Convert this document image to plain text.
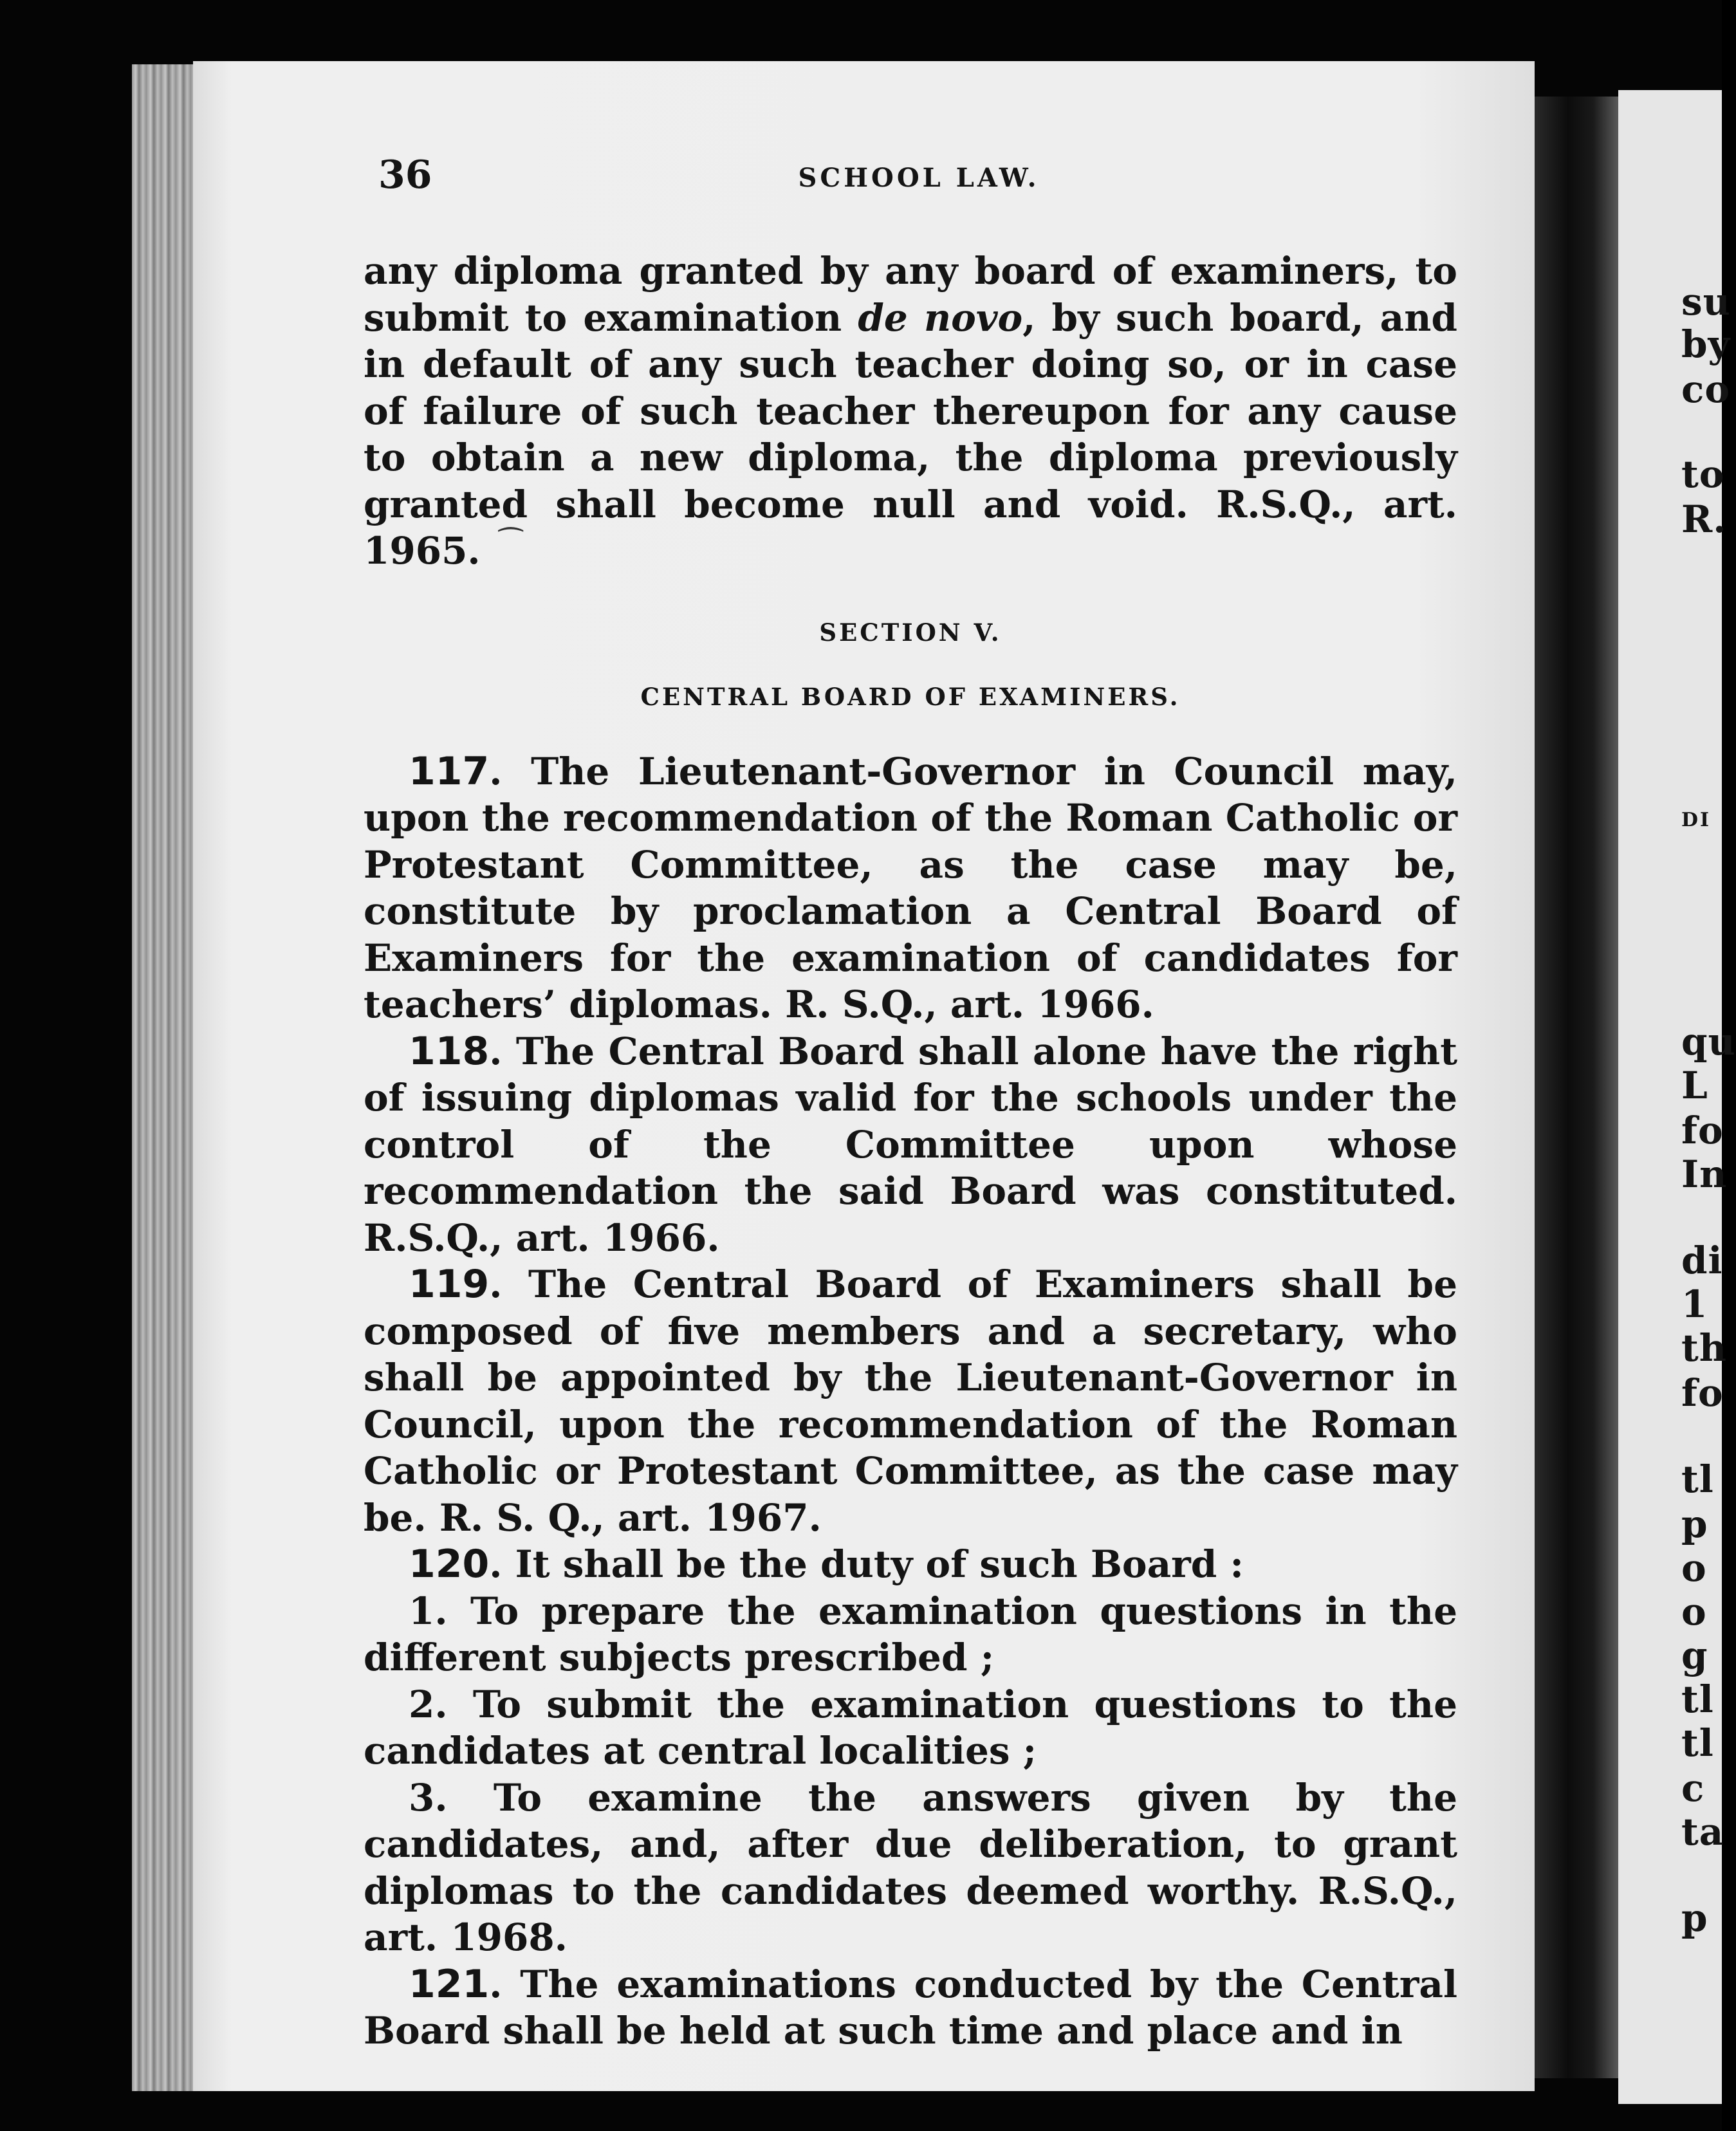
su
by
co
to
R.
DI
qu
L
fo
In
di
1
th
fo
tl
p
o
o
g
tl
tl
c
ta
p
36	SCHOOL LAW.

any diploma granted by any board of examiners, to submit to examination de novo, by such board, and in default of any such teacher doing so, or in case of failure of such teacher thereupon for any cause to obtain a new diploma, the diploma previously granted shall become null and void. R.S.Q., art. 1965.

SECTION V.

CENTRAL BOARD OF EXAMINERS.

117. The Lieutenant-Governor in Council may, upon the recommendation of the Roman Catholic or Protestant Committee, as the case may be, constitute by proclamation a Central Board of Examiners for the examination of candidates for teachers’ diplomas. R. S.Q., art. 1966.

118. The Central Board shall alone have the right of issuing diplomas valid for the schools under the control of the Committee upon whose recommendation the said Board was constituted. R.S.Q., art. 1966.

119. The Central Board of Examiners shall be composed of five members and a secretary, who shall be appointed by the Lieutenant-Governor in Council, upon the recommendation of the Roman Catholic or Protestant Committee, as the case may be. R. S. Q., art. 1967.

120. It shall be the duty of such Board :

1. To prepare the examination questions in the different subjects prescribed ;

2. To submit the examination questions to the candidates at central localities ;

3. To examine the answers given by the candidates, and, after due deliberation, to grant diplomas to the candidates deemed worthy. R.S.Q., art. 1968.

121. The examinations conducted by the Central Board shall be held at such time and place and in

⁀
